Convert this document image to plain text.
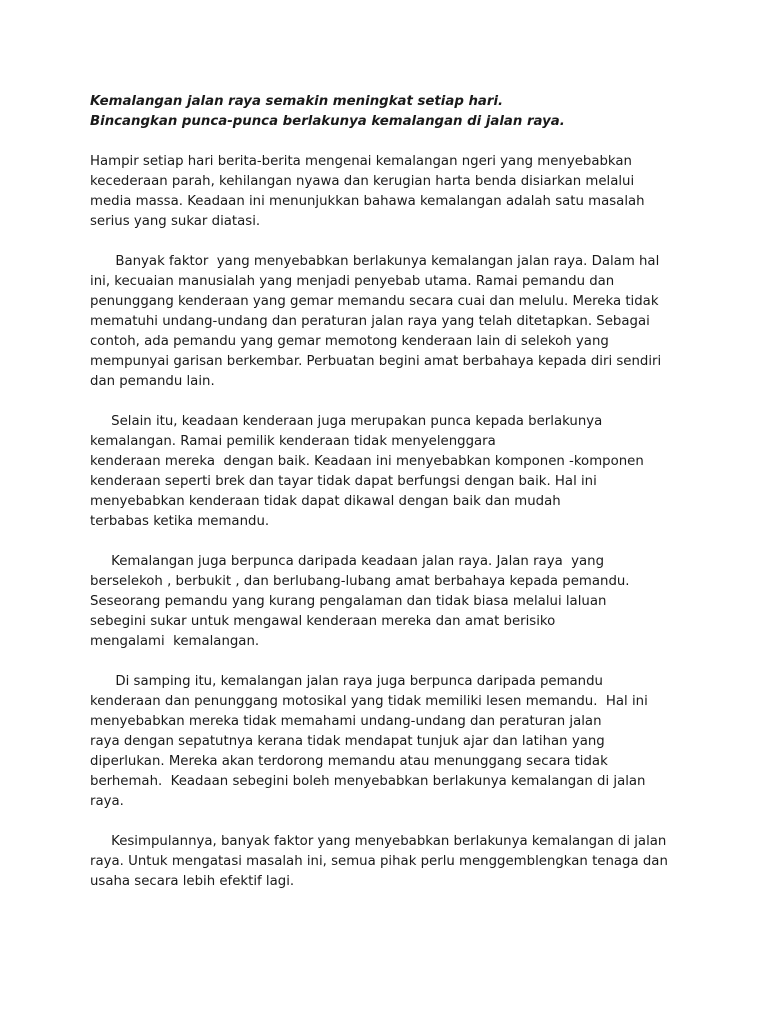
Kemalangan jalan raya semakin meningkat setiap hari.
Bincangkan punca-punca berlakunya kemalangan di jalan raya.
Hampir setiap hari berita-berita mengenai kemalangan ngeri yang menyebabkan
kecederaan parah, kehilangan nyawa dan kerugian harta benda disiarkan melalui
media massa. Keadaan ini menunjukkan bahawa kemalangan adalah satu masalah
serius yang sukar diatasi.
Banyak faktor  yang menyebabkan berlakunya kemalangan jalan raya. Dalam hal
ini, kecuaian manusialah yang menjadi penyebab utama. Ramai pemandu dan
penunggang kenderaan yang gemar memandu secara cuai dan melulu. Mereka tidak
mematuhi undang-undang dan peraturan jalan raya yang telah ditetapkan. Sebagai
contoh, ada pemandu yang gemar memotong kenderaan lain di selekoh yang
mempunyai garisan berkembar. Perbuatan begini amat berbahaya kepada diri sendiri
dan pemandu lain.
Selain itu, keadaan kenderaan juga merupakan punca kepada berlakunya
kemalangan. Ramai pemilik kenderaan tidak menyelenggara
kenderaan mereka  dengan baik. Keadaan ini menyebabkan komponen -komponen
kenderaan seperti brek dan tayar tidak dapat berfungsi dengan baik. Hal ini
menyebabkan kenderaan tidak dapat dikawal dengan baik dan mudah
terbabas ketika memandu.
Kemalangan juga berpunca daripada keadaan jalan raya. Jalan raya  yang
berselekoh , berbukit , dan berlubang-lubang amat berbahaya kepada pemandu.
Seseorang pemandu yang kurang pengalaman dan tidak biasa melalui laluan
sebegini sukar untuk mengawal kenderaan mereka dan amat berisiko
mengalami  kemalangan.
Di samping itu, kemalangan jalan raya juga berpunca daripada pemandu
kenderaan dan penunggang motosikal yang tidak memiliki lesen memandu.  Hal ini
menyebabkan mereka tidak memahami undang-undang dan peraturan jalan
raya dengan sepatutnya kerana tidak mendapat tunjuk ajar dan latihan yang
diperlukan. Mereka akan terdorong memandu atau menunggang secara tidak
berhemah.  Keadaan sebegini boleh menyebabkan berlakunya kemalangan di jalan
raya.
Kesimpulannya, banyak faktor yang menyebabkan berlakunya kemalangan di jalan
raya. Untuk mengatasi masalah ini, semua pihak perlu menggemblengkan tenaga dan
usaha secara lebih efektif lagi.
